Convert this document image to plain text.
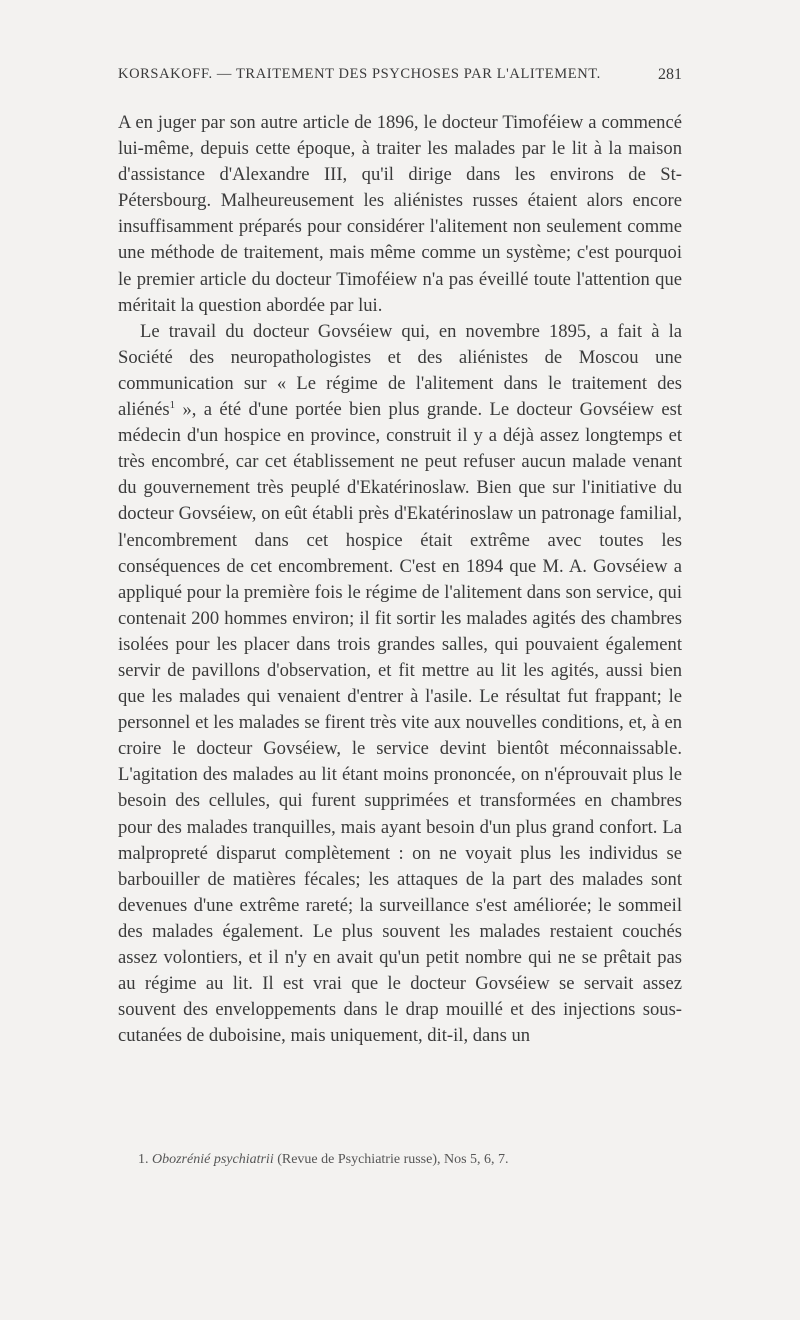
KORSAKOFF. — TRAITEMENT DES PSYCHOSES PAR L'ALITEMENT.	281

A en juger par son autre article de 1896, le docteur Timoféiew a commencé lui-même, depuis cette époque, à traiter les malades par le lit à la maison d'assistance d'Alexandre III, qu'il dirige dans les environs de St-Pétersbourg. Malheureusement les aliénistes russes étaient alors encore insuffisamment préparés pour considérer l'alitement non seulement comme une méthode de traitement, mais même comme un système; c'est pourquoi le premier article du docteur Timoféiew n'a pas éveillé toute l'attention que méritait la question abordée par lui.

Le travail du docteur Govséiew qui, en novembre 1895, a fait à la Société des neuropathologistes et des aliénistes de Moscou une communication sur « Le régime de l'alitement dans le traitement des aliénés$^1$ », a été d'une portée bien plus grande. Le docteur Govséiew est médecin d'un hospice en province, construit il y a déjà assez longtemps et très encombré, car cet établissement ne peut refuser aucun malade venant du gouvernement très peuplé d'Ekatérinoslaw. Bien que sur l'initiative du docteur Govséiew, on eût établi près d'Ekatérinoslaw un patronage familial, l'encombrement dans cet hospice était extrême avec toutes les conséquences de cet encombrement. C'est en 1894 que M. A. Govséiew a appliqué pour la première fois le régime de l'alitement dans son service, qui contenait 200 hommes environ; il fit sortir les malades agités des chambres isolées pour les placer dans trois grandes salles, qui pouvaient également servir de pavillons d'observation, et fit mettre au lit les agités, aussi bien que les malades qui venaient d'entrer à l'asile. Le résultat fut frappant; le personnel et les malades se firent très vite aux nouvelles conditions, et, à en croire le docteur Govséiew, le service devint bientôt méconnaissable. L'agitation des malades au lit étant moins prononcée, on n'éprouvait plus le besoin des cellules, qui furent supprimées et transformées en chambres pour des malades tranquilles, mais ayant besoin d'un plus grand confort. La malpropreté disparut complètement : on ne voyait plus les individus se barbouiller de matières fécales; les attaques de la part des malades sont devenues d'une extrême rareté; la surveillance s'est améliorée; le sommeil des malades également. Le plus souvent les malades restaient couchés assez volontiers, et il n'y en avait qu'un petit nombre qui ne se prêtait pas au régime au lit. Il est vrai que le docteur Govséiew se servait assez souvent des enveloppements dans le drap mouillé et des injections sous-cutanées de duboisine, mais uniquement, dit-il, dans un

1. Obozrénié psychiatrii (Revue de Psychiatrie russe), Nos 5, 6, 7.
